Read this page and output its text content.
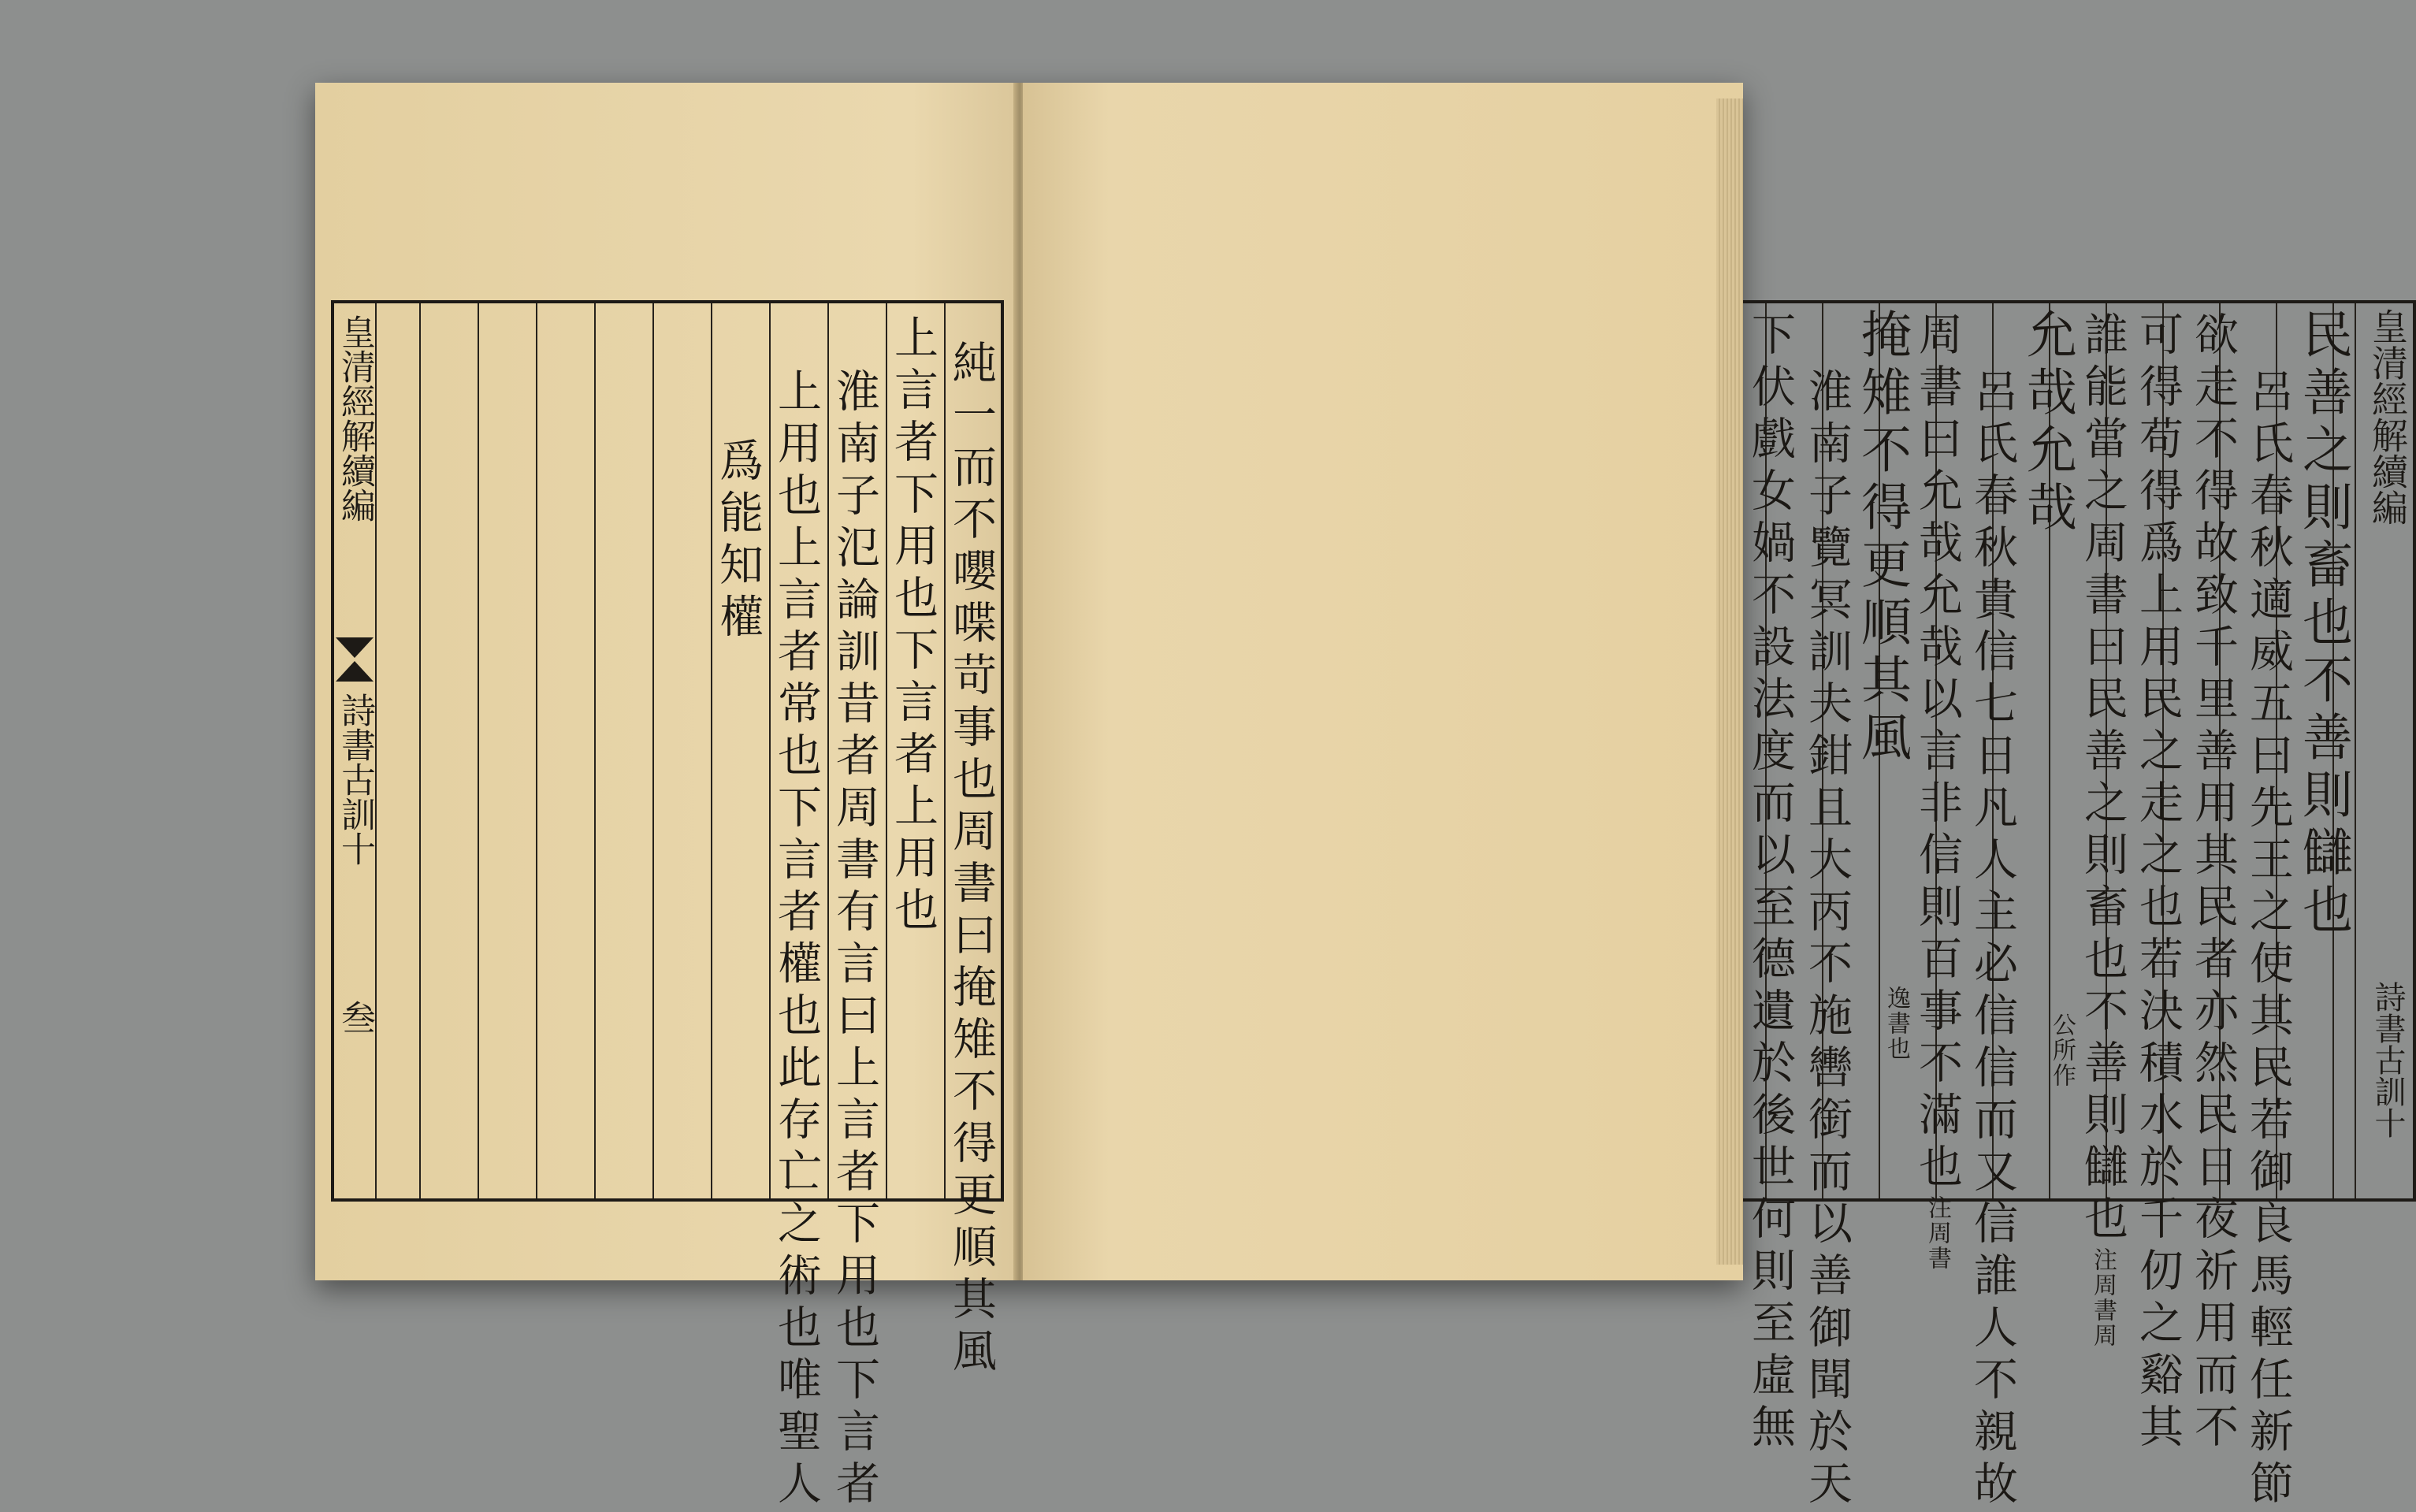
皇清經解續編
詩書古訓十
叁	純一而不嚶喋苛事也周書曰掩雉不得更順其風
上言者下用也下言者上用也
淮南子氾論訓昔者周書有言曰上言者下用也下言者
上用也上言者常也下言者權也此存亡之術也唯聖人
爲能知權
皇清經解續編
詩書古訓十
民善之則畜也不善則讎也
呂氏春秋適威五曰先王之使其民若御良馬輕任新節
欲走不得故致千里善用其民者亦然民日夜祈用而不
可得苟得爲上用民之走之也若決積水於千仞之谿其
誰能當之周書曰民善之則畜也不善則讎也注周書周
公所作
允哉允哉
呂氏春秋貴信七日凡人主必信信而又信誰人不親故
周書曰允哉允哉以言非信則百事不滿也注周書
逸書也
掩雉不得更順其風
淮南子覽冥訓夫鉗且大丙不施轡銜而以善御聞於天
下伏戲女媧不設法度而以至德遺於後世何則至虛無
